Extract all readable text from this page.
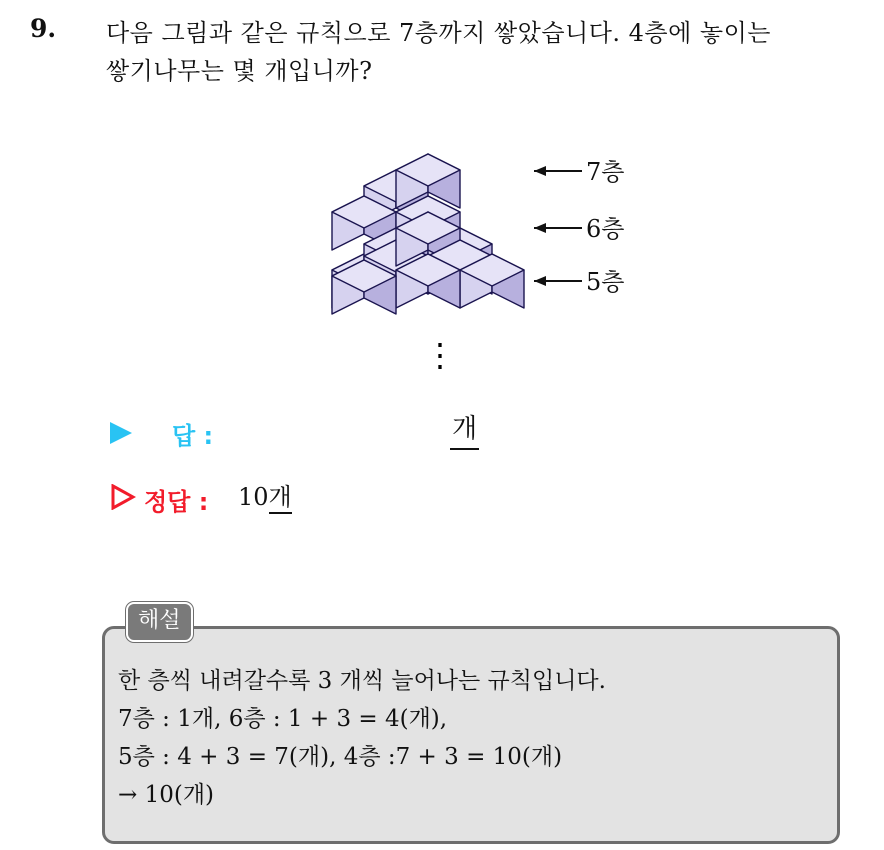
9. 다음 그림과 같은 규칙으로 7층까지 쌓았습니다. 4층에 놓이는
쌓기나무는 몇 개입니까?
7층
6층
5층
⋮
답 :	개
정답 : 10개
해설
한 층씩 내려갈수록 3 개씩 늘어나는 규칙입니다.
7층 : 1개, 6층 : 1 + 3 = 4(개),
5층 : 4 + 3 = 7(개), 4층 :7 + 3 = 10(개)
→ 10(개)
